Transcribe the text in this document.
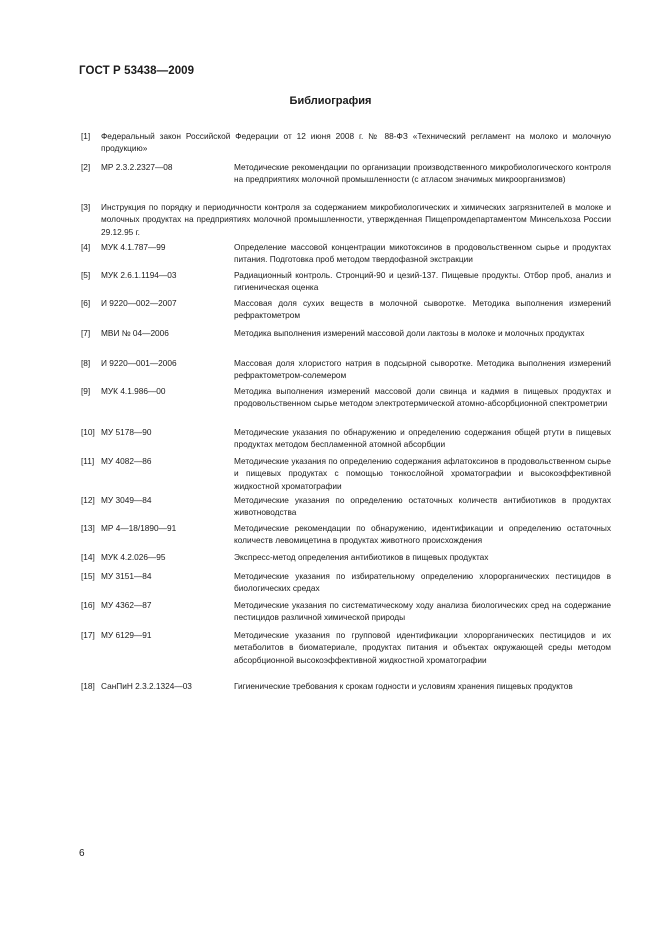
ГОСТ Р 53438—2009
Библиография
[1] Федеральный закон Российской Федерации от 12 июня 2008 г. № 88-ФЗ «Технический регламент на молоко и молочную продукцию»
[2] МР 2.3.2.2327—08	Методические рекомендации по организации производственного микробиологического контроля на предприятиях молочной промышленности (с атласом значимых микроорганизмов)
[3] Инструкция по порядку и периодичности контроля за содержанием микробиологических и химических загрязнителей в молоке и молочных продуктах на предприятиях молочной промышленности, утвержденная Пищепромдепартаментом Минсельхоза России 29.12.95 г.
[4] МУК 4.1.787—99	Определение массовой концентрации микотоксинов в продовольственном сырье и продуктах питания. Подготовка проб методом твердофазной экстракции
[5] МУК 2.6.1.1194—03	Радиационный контроль. Стронций-90 и цезий-137. Пищевые продукты. Отбор проб, анализ и гигиеническая оценка
[6] И 9220—002—2007	Массовая доля сухих веществ в молочной сыворотке. Методика выполнения измерений рефрактометром
[7] МВИ № 04—2006	Методика выполнения измерений массовой доли лактозы в молоке и молочных продуктах
[8] И 9220—001—2006	Массовая доля хлористого натрия в подсырной сыворотке. Методика выполнения измерений рефрактометром-солемером
[9] МУК 4.1.986—00	Методика выполнения измерений массовой доли свинца и кадмия в пищевых продуктах и продовольственном сырье методом электротермической атомно-абсорбционной спектрометрии
[10] МУ 5178—90	Методические указания по обнаружению и определению содержания общей ртути в пищевых продуктах методом беспламенной атомной абсорбции
[11] МУ 4082—86	Методические указания по определению содержания афлатоксинов в продовольственном сырье и пищевых продуктах с помощью тонкослойной хроматографии и высокоэффективной жидкостной хроматографии
[12] МУ 3049—84	Методические указания по определению остаточных количеств антибиотиков в продуктах животноводства
[13] МР 4—18/1890—91	Методические рекомендации по обнаружению, идентификации и определению остаточных количеств левомицетина в продуктах животного происхождения
[14] МУК 4.2.026—95	Экспресс-метод определения антибиотиков в пищевых продуктах
[15] МУ 3151—84	Методические указания по избирательному определению хлорорганических пестицидов в биологических средах
[16] МУ 4362—87	Методические указания по систематическому ходу анализа биологических сред на содержание пестицидов различной химической природы
[17] МУ 6129—91	Методические указания по групповой идентификации хлорорганических пестицидов и их метаболитов в биоматериале, продуктах питания и объектах окружающей среды методом абсорбционной высокоэффективной жидкостной хроматографии
[18] СанПиН 2.3.2.1324—03	Гигиенические требования к срокам годности и условиям хранения пищевых продуктов
6
